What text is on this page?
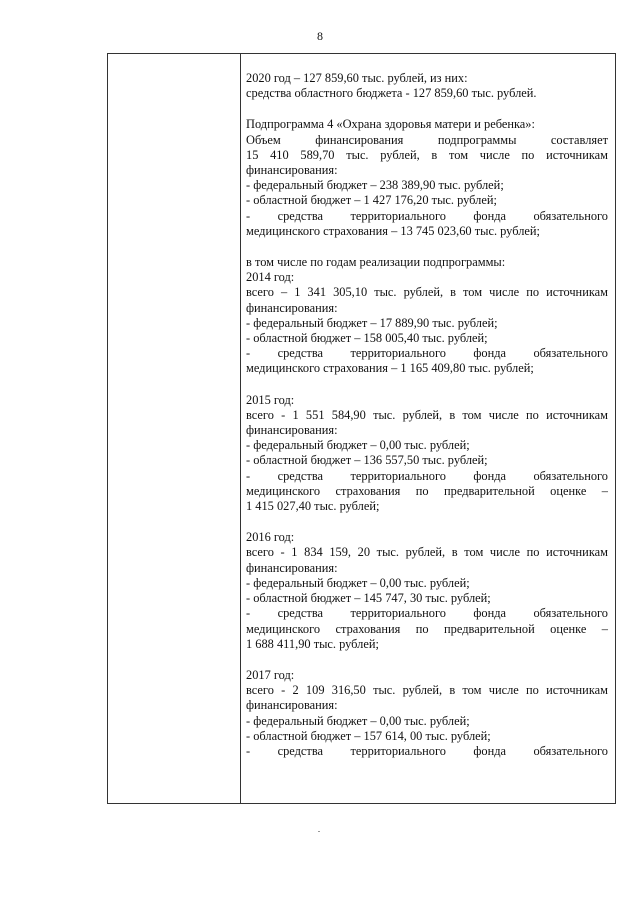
8

2020 год – 127 859,60 тыс. рублей, из них:

средства областного бюджета - 127 859,60 тыс. рублей.

Подпрограмма 4 «Охрана здоровья матери и ребенка»:

Объем финансирования подпрограммы составляет

15 410 589,70 тыс. рублей, в том числе по источникам

финансирования:

- федеральный бюджет – 238 389,90 тыс. рублей;

- областной бюджет – 1 427 176,20 тыс. рублей;

- средства территориального фонда обязательного

медицинского страхования – 13 745 023,60 тыс. рублей;

в том числе по годам реализации подпрограммы:

2014 год:

всего – 1 341 305,10 тыс. рублей, в том числе по источникам

финансирования:

- федеральный бюджет – 17 889,90 тыс. рублей;

- областной бюджет – 158 005,40 тыс. рублей;

- средства территориального фонда обязательного

медицинского страхования – 1 165 409,80 тыс. рублей;

2015 год:

всего - 1 551 584,90 тыс. рублей, в том числе по источникам

финансирования:

- федеральный бюджет – 0,00 тыс. рублей;

- областной бюджет – 136 557,50 тыс. рублей;

- средства территориального фонда обязательного

медицинского страхования по предварительной оценке –

1 415 027,40 тыс. рублей;

2016 год:

всего - 1 834 159, 20 тыс. рублей, в том числе по источникам

финансирования:

- федеральный бюджет – 0,00 тыс. рублей;

- областной бюджет – 145 747, 30 тыс. рублей;

- средства территориального фонда обязательного

медицинского страхования по предварительной оценке –

1 688 411,90 тыс. рублей;

2017 год:

всего - 2 109 316,50 тыс. рублей, в том числе по источникам

финансирования:

- федеральный бюджет – 0,00 тыс. рублей;

- областной бюджет – 157 614, 00 тыс. рублей;

- средства территориального фонда обязательного
